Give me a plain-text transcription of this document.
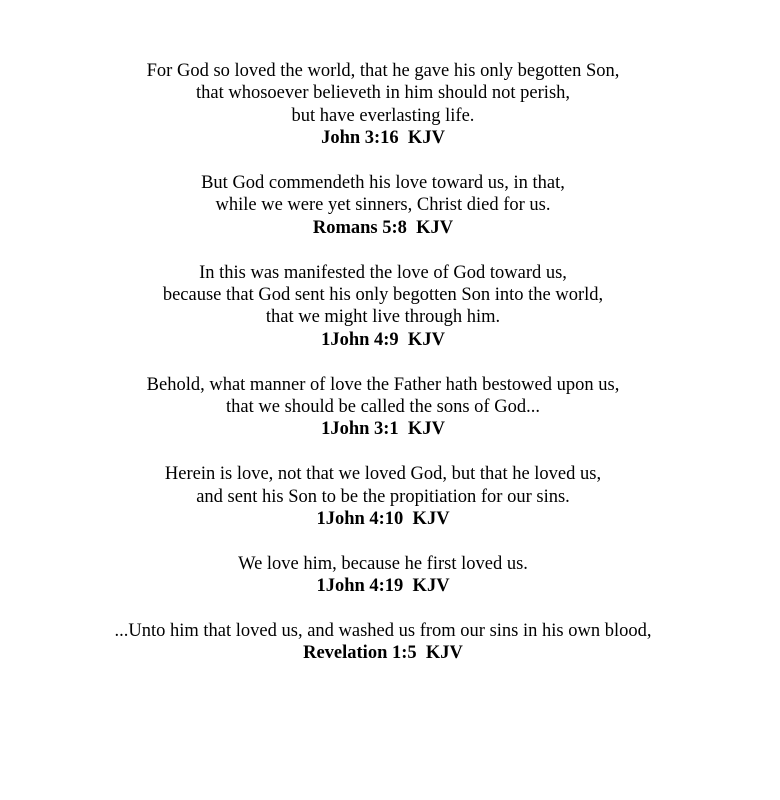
For God so loved the world, that he gave his only begotten Son,
that whosoever believeth in him should not perish,
but have everlasting life.
John 3:16  KJV
But God commendeth his love toward us, in that,
while we were yet sinners, Christ died for us.
Romans 5:8  KJV
In this was manifested the love of God toward us,
because that God sent his only begotten Son into the world,
that we might live through him.
1John 4:9  KJV
Behold, what manner of love the Father hath bestowed upon us,
that we should be called the sons of God...
1John 3:1  KJV
Herein is love, not that we loved God, but that he loved us,
and sent his Son to be the propitiation for our sins.
1John 4:10  KJV
We love him, because he first loved us.
1John 4:19  KJV
...Unto him that loved us, and washed us from our sins in his own blood,
Revelation 1:5  KJV
